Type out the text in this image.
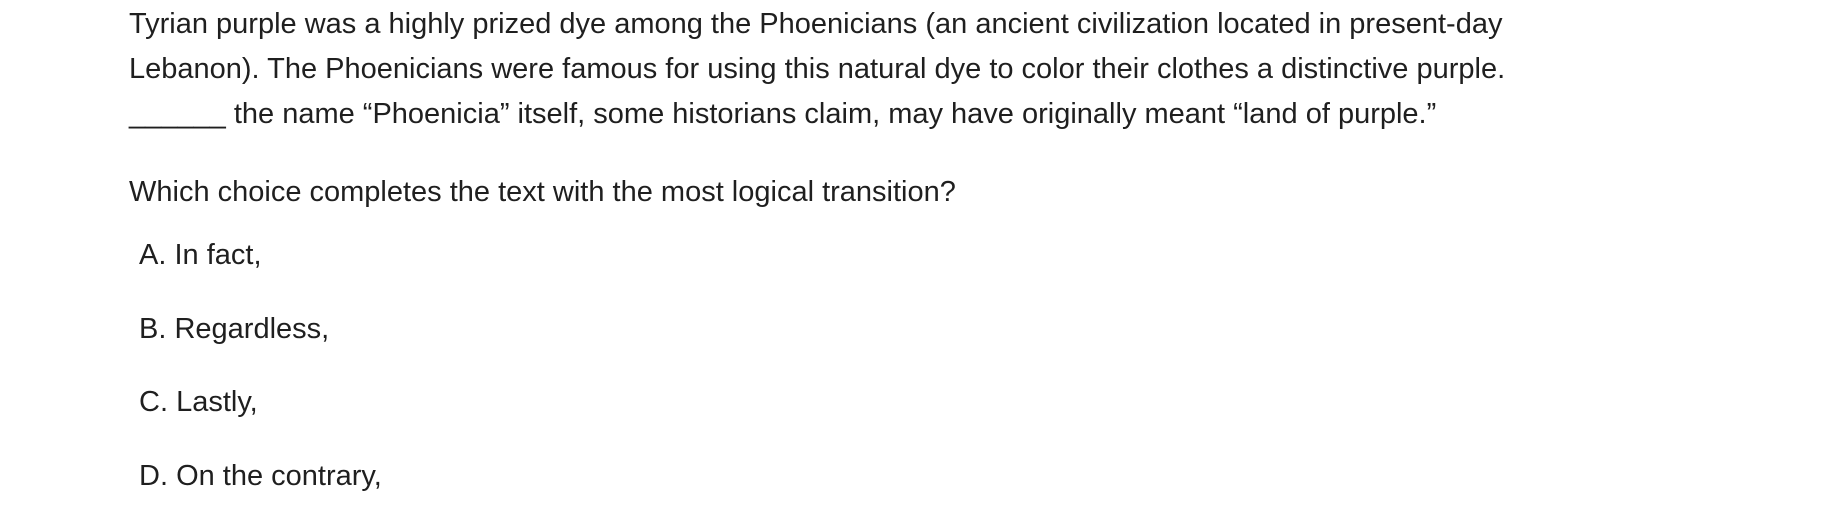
Tyrian purple was a highly prized dye among the Phoenicians (an ancient civilization located in present-day
Lebanon). The Phoenicians were famous for using this natural dye to color their clothes a distinctive purple.
______ the name “Phoenicia” itself, some historians claim, may have originally meant “land of purple.”

Which choice completes the text with the most logical transition?

A. In fact,
B. Regardless,
C. Lastly,
D. On the contrary,
